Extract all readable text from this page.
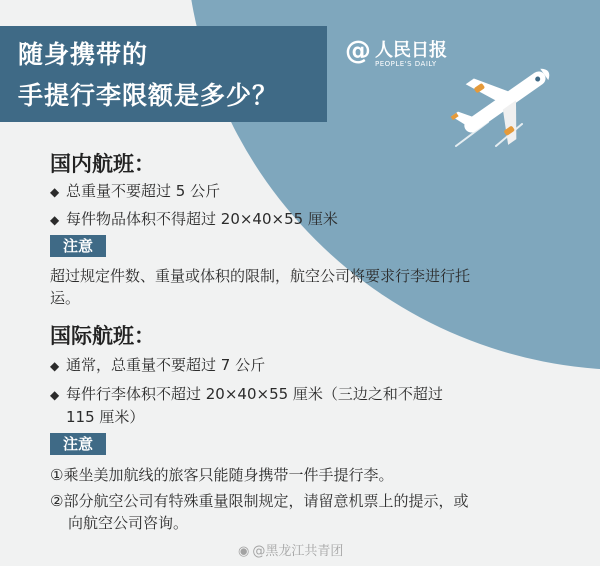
随身携带的
手提行李限额是多少？
@ 人民日报
PEOPLE'S DAILY
国内航班：
◆ 总重量不要超过 5 公斤
◆ 每件物品体积不得超过 20×40×55 厘米
注意
超过规定件数、重量或体积的限制，航空公司将要求行李进行托
运。
国际航班：
◆ 通常，总重量不要超过 7 公斤
◆ 每件行李体积不超过 20×40×55 厘米（三边之和不超过
115 厘米）
注意
①乘坐美加航线的旅客只能随身携带一件手提行李。
②部分航空公司有特殊重量限制规定，请留意机票上的提示，或
向航空公司咨询。
◉ @黑龙江共青团
